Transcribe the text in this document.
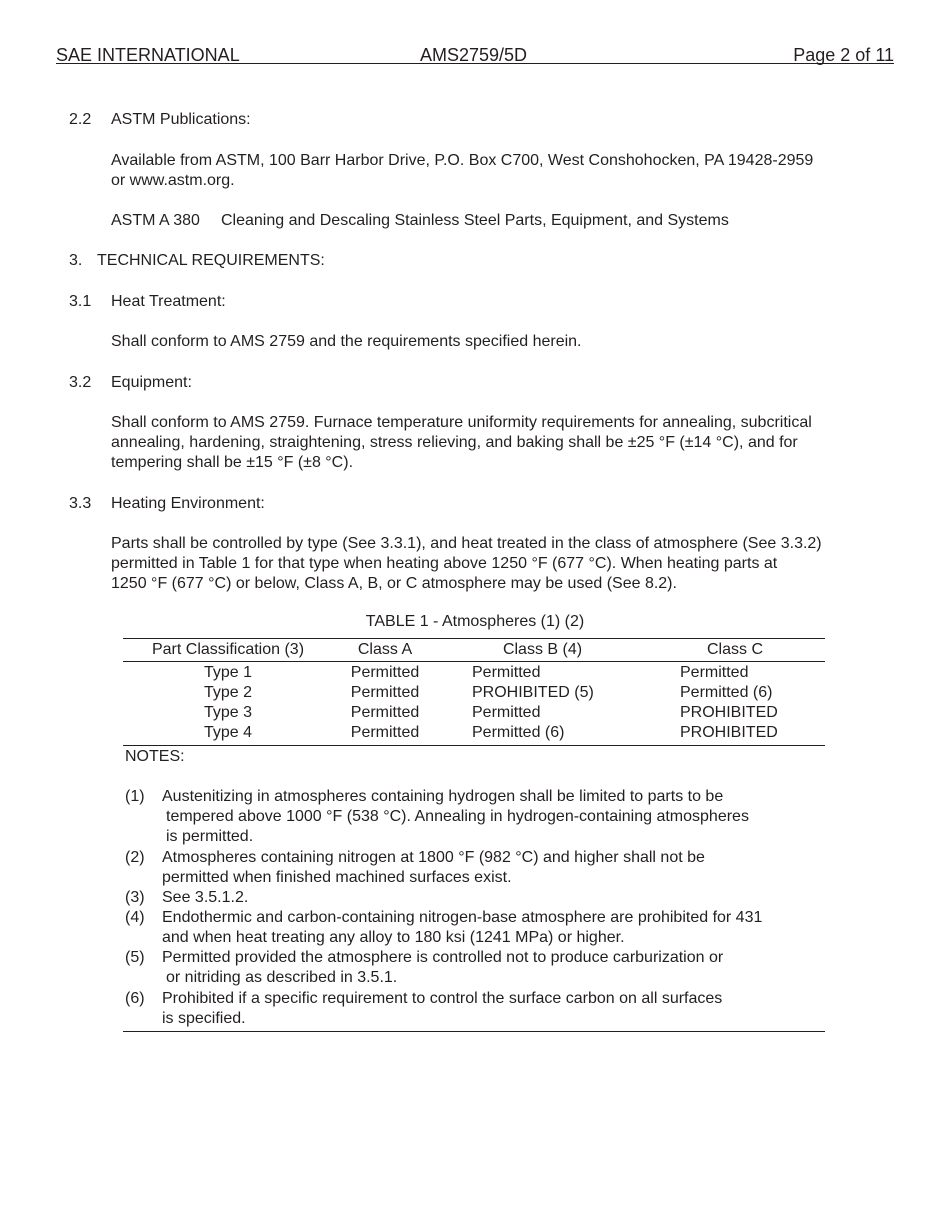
SAE INTERNATIONAL	AMS2759/5D	Page 2 of 11
2.2 ASTM Publications:
Available from ASTM, 100 Barr Harbor Drive, P.O. Box C700, West Conshohocken, PA 19428-2959
or www.astm.org.
ASTM A 380 Cleaning and Descaling Stainless Steel Parts, Equipment, and Systems
3. TECHNICAL REQUIREMENTS:
3.1 Heat Treatment:
Shall conform to AMS 2759 and the requirements specified herein.
3.2 Equipment:
Shall conform to AMS 2759. Furnace temperature uniformity requirements for annealing, subcritical
annealing, hardening, straightening, stress relieving, and baking shall be ±25 °F (±14 °C), and for
tempering shall be ±15 °F (±8 °C).
3.3 Heating Environment:
Parts shall be controlled by type (See 3.3.1), and heat treated in the class of atmosphere (See 3.3.2)
permitted in Table 1 for that type when heating above 1250 °F (677 °C). When heating parts at
1250 °F (677 °C) or below, Class A, B, or C atmosphere may be used (See 8.2).
TABLE 1 - Atmospheres (1) (2)
Part Classification (3)	Class A	Class B (4)	Class C
Type 1	Permitted	Permitted	Permitted
Type 2	Permitted	PROHIBITED (5)	Permitted (6)
Type 3	Permitted	Permitted	PROHIBITED
Type 4	Permitted	Permitted (6)	PROHIBITED
NOTES:
(1) Austenitizing in atmospheres containing hydrogen shall be limited to parts to be
tempered above 1000 °F (538 °C). Annealing in hydrogen-containing atmospheres
is permitted.
(2) Atmospheres containing nitrogen at 1800 °F (982 °C) and higher shall not be
permitted when finished machined surfaces exist.
(3) See 3.5.1.2.
(4) Endothermic and carbon-containing nitrogen-base atmosphere are prohibited for 431
and when heat treating any alloy to 180 ksi (1241 MPa) or higher.
(5) Permitted provided the atmosphere is controlled not to produce carburization or
or nitriding as described in 3.5.1.
(6) Prohibited if a specific requirement to control the surface carbon on all surfaces
is specified.
